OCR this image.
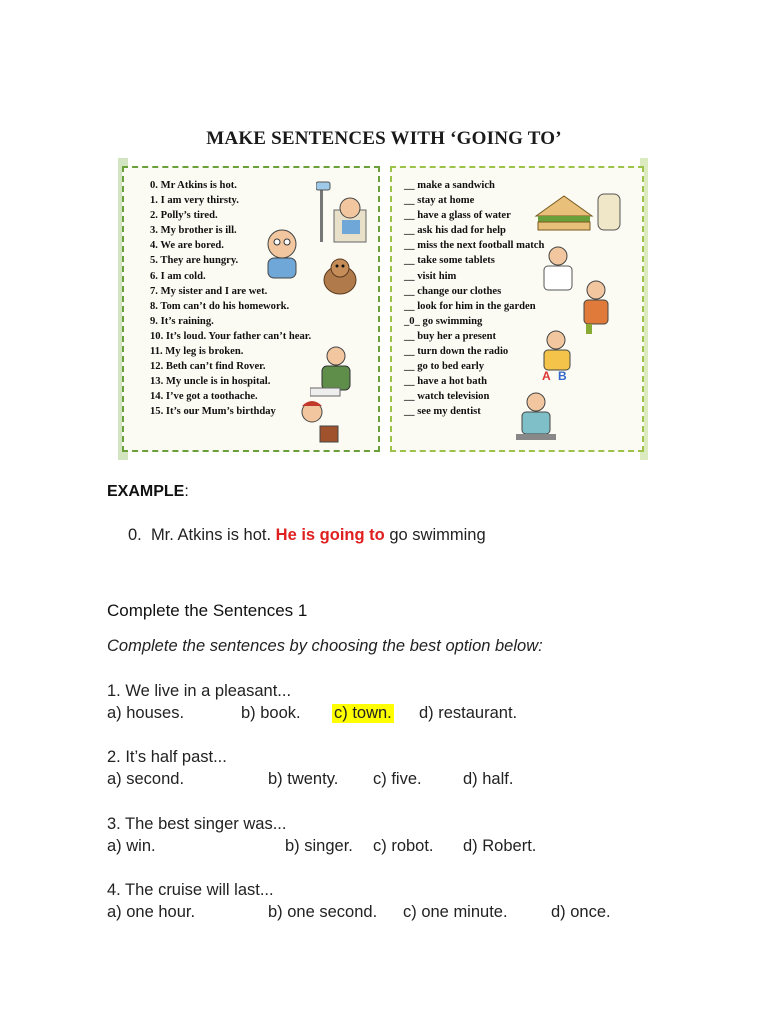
MAKE SENTENCES WITH ‘GOING TO’
A B
0. Mr Atkins is hot.
1. I am very thirsty.
2. Polly’s tired.
3. My brother is ill.
4. We are bored.
5. They are hungry.
6. I am cold.
7. My sister and I are wet.
8. Tom can’t do his homework.
9. It’s raining.
10. It’s loud. Your father can’t hear.
11. My leg is broken.
12. Beth can’t find Rover.
13. My uncle is in hospital.
14. I’ve got a toothache.
15. It’s our Mum’s birthday
__ make a sandwich
__ stay at home
__ have a glass of water
__ ask his dad for help
__ miss the next football match
__ take some tablets
__ visit him
__ change our clothes
__ look for him in the garden
_0_ go swimming
__ buy her a present
__ turn down the radio
__ go to bed early
__ have a hot bath
__ watch television
__ see my dentist
EXAMPLE:
0. Mr. Atkins is hot. He is going to go swimming
Complete the Sentences 1
Complete the sentences by choosing the best option below:
1. We live in a pleasant...
a) houses.	b) book. c) town. d) restaurant.
2. It’s half past...
a) second.	b) twenty. c) five.	d) half.
3. The best singer was...
a) win.	b) singer. c) robot. d) Robert.
4. The cruise will last...
a) one hour.	b) one second. c) one minute.	d) once.
